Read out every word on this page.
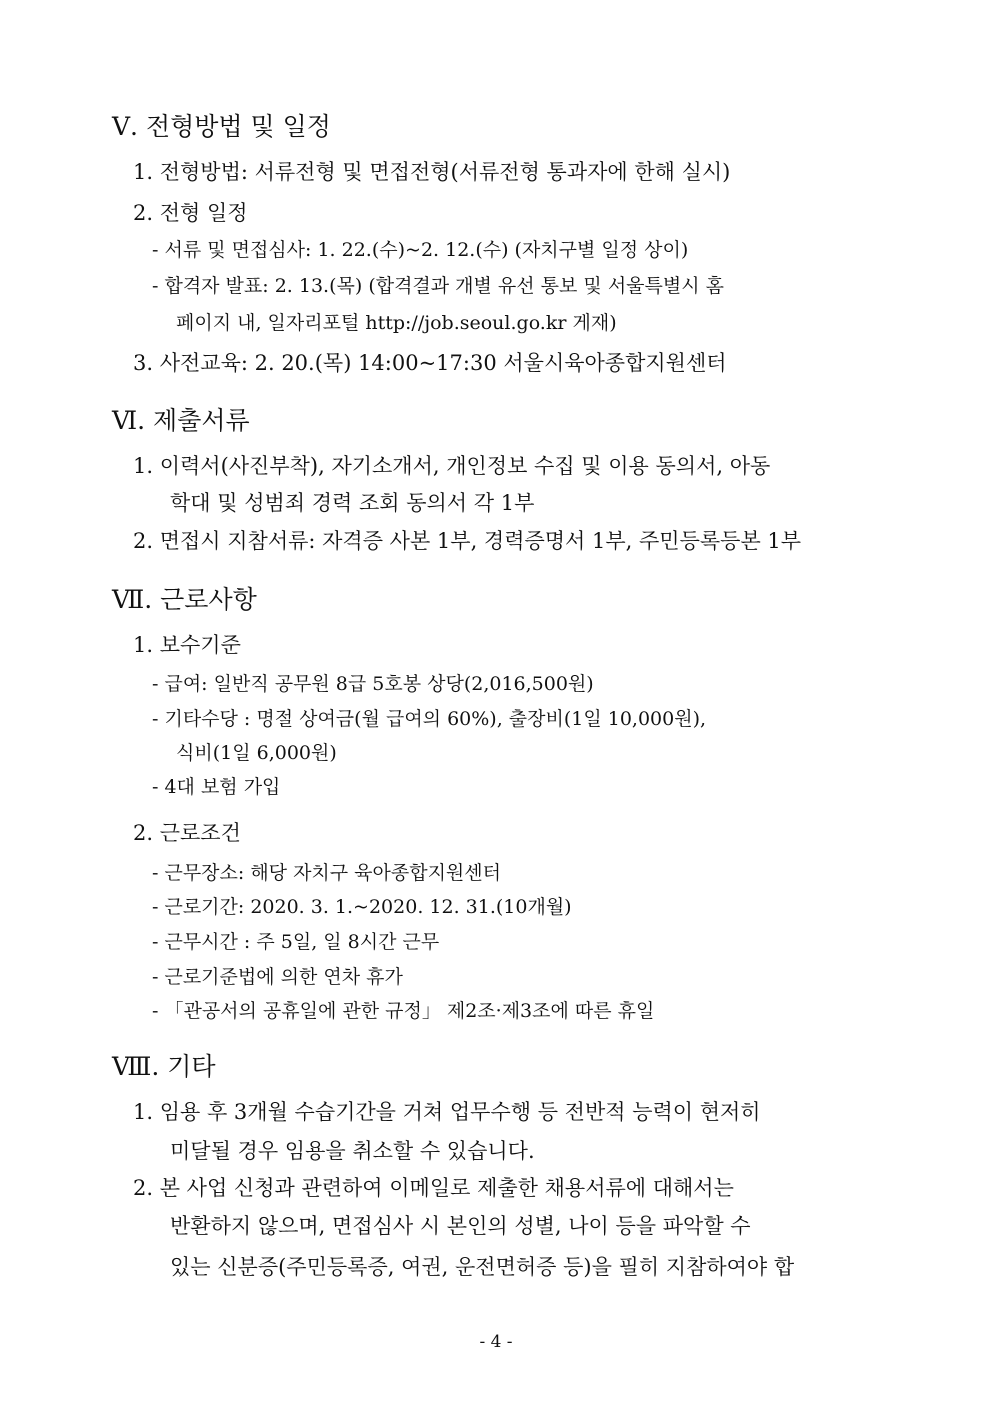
Ⅴ. 전형방법 및 일정
1. 전형방법: 서류전형 및 면접전형(서류전형 통과자에 한해 실시)
2. 전형 일정
- 서류 및 면접심사: 1. 22.(수)~2. 12.(수) (자치구별 일정 상이)
- 합격자 발표: 2. 13.(목) (합격결과 개별 유선 통보 및 서울특별시 홈
페이지 내, 일자리포털 http://job.seoul.go.kr 게재)
3. 사전교육: 2. 20.(목) 14:00~17:30 서울시육아종합지원센터
Ⅵ. 제출서류
1. 이력서(사진부착), 자기소개서, 개인정보 수집 및 이용 동의서, 아동
학대 및 성범죄 경력 조회 동의서 각 1부
2. 면접시 지참서류: 자격증 사본 1부, 경력증명서 1부, 주민등록등본 1부
Ⅶ. 근로사항
1. 보수기준
- 급여: 일반직 공무원 8급 5호봉 상당(2,016,500원)
- 기타수당 : 명절 상여금(월 급여의 60%), 출장비(1일 10,000원),
식비(1일 6,000원)
- 4대 보험 가입
2. 근로조건
- 근무장소: 해당 자치구 육아종합지원센터
- 근로기간: 2020. 3. 1.~2020. 12. 31.(10개월)
- 근무시간 : 주 5일, 일 8시간 근무
- 근로기준법에 의한 연차 휴가
- 「관공서의 공휴일에 관한 규정」 제2조·제3조에 따른 휴일
Ⅷ. 기타
1. 임용 후 3개월 수습기간을 거쳐 업무수행 등 전반적 능력이 현저히
미달될 경우 임용을 취소할 수 있습니다.
2. 본 사업 신청과 관련하여 이메일로 제출한 채용서류에 대해서는
반환하지 않으며, 면접심사 시 본인의 성별, 나이 등을 파악할 수
있는 신분증(주민등록증, 여권, 운전면허증 등)을 필히 지참하여야 합
- 4 -
